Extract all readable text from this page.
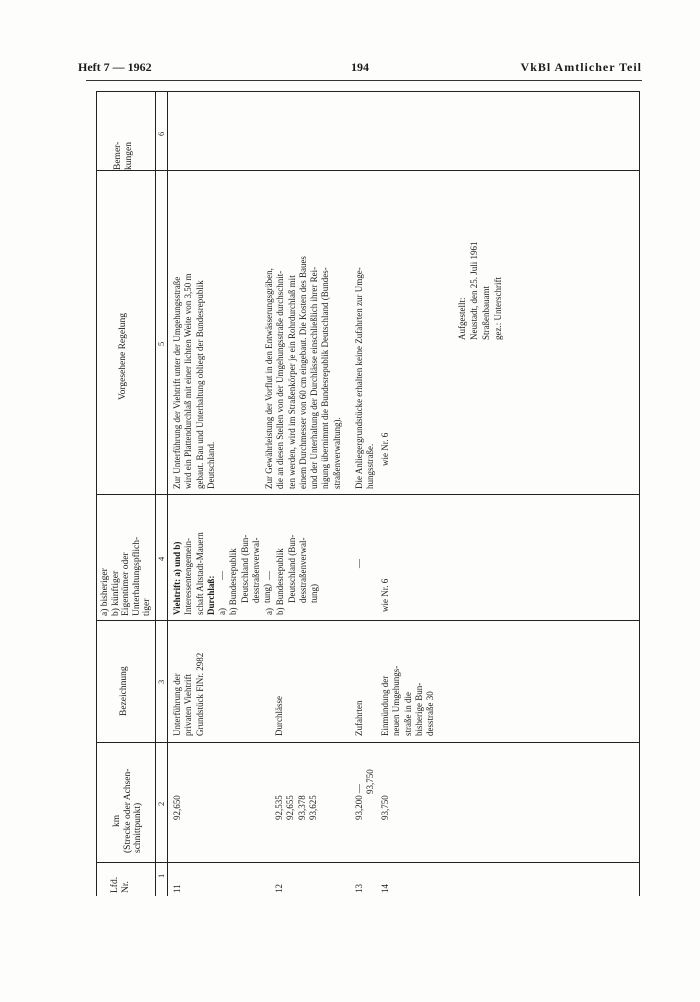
Heft 7 — 1962	194	VkBl Amtlicher Teil
Lfd. Nr.
km (Strecke oder Achsen- schnittpunkt)
Bezeichnung
a) bisheriger b) künftiger Eigentümer oder Unterhaltungspflich- tiger
Vorgesehene Regelung
Bemer- kungen
1
2
3
4
5
6
11
92,650
Unterführung der privaten Viehtrift Grundstück FlNr. 2982
Viehtrift: a) und b) Interessentengemein- schaft Altstadt-Mauern Durchlaß: a)— b) Bundesrepublik Deutschland (Bun- desstraßenverwal- tung)
Zur Unterführung der Viehtrift unter der Umgehungsstraße wird ein Plattendurchlaß mit einer lichten Weite von 3,50 m gebaut. Bau und Unterhaltung obliegt der Bundesrepublik Deutschland.
12
92,535 92,655 93,378 93,625
Durchlässe
a)— b) Bundesrepublik Deutschland (Bun- desstraßenverwal- tung)
Zur Gewährleistung der Vorflut in den Entwässerungsgräben, die an diesen Stellen von der Umgehungsstraße durchschnit- ten werden, wird im Straßenkörper je ein Rohrdurchlaß mit einem Durchmesser von 60 cm eingebaut. Die Kosten des Baues und der Unterhaltung der Durchlässe einschließlich ihrer Rei- nigung übernimmt die Bundesrepublik Deutschland (Bundes- straßenverwaltung).
13
93,200 —
93,750
Zufahrten
—
Die Anliegergrundstücke erhalten keine Zufahrten zur Umge- hungsstraße.
14
93,750
Einmündung der neuen Umgehungs- straße in die bisherige Bun- desstraße 30
wie Nr. 6
wie Nr. 6
Aufgestellt: Neustadt, den 25. Juli 1961 Straßenbauamt gez.: Unterschrift
